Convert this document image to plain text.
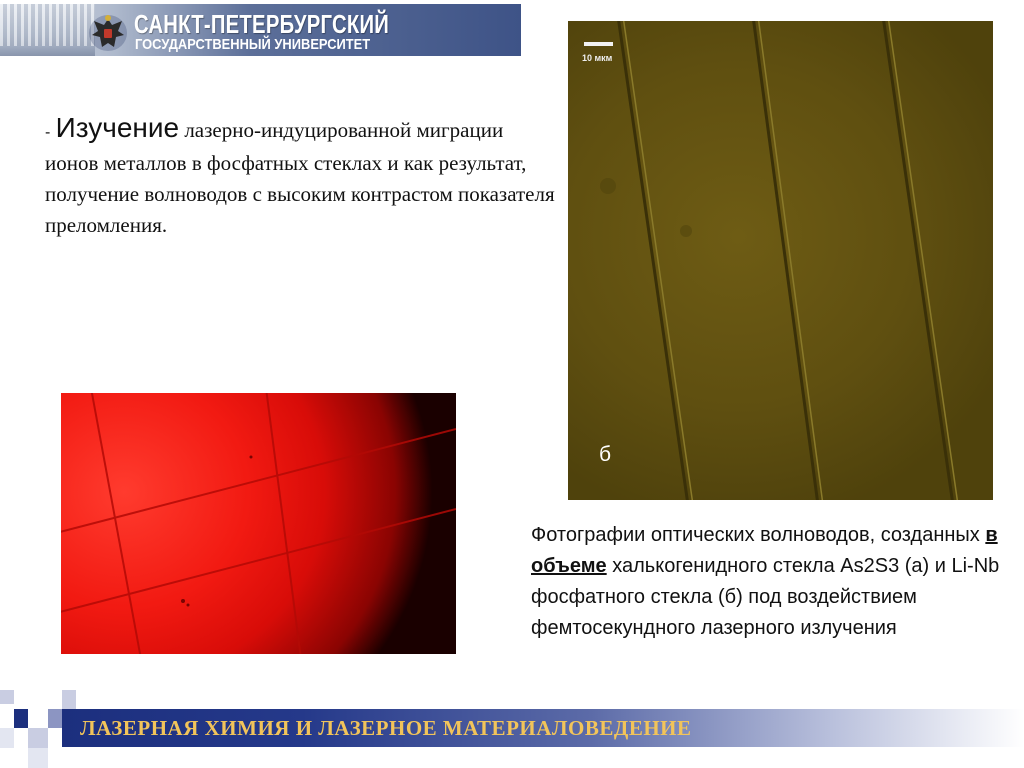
САНКТ-ПЕТЕРБУРГСКИЙ
ГОСУДАРСТВЕННЫЙ УНИВЕРСИТЕТ
- Изучение лазерно-индуцированной миграции ионов металлов в фосфатных стеклах и как результат, получение волноводов с высоким контрастом показателя преломления.
10 мкм
б
Фотографии оптических волноводов, созданных в объеме халькогенидного стекла As2S3 (а) и Li-Nb фосфатного стекла (б) под воздействием фемтосекундного лазерного излучения
ЛАЗЕРНАЯ ХИМИЯ И ЛАЗЕРНОЕ МАТЕРИАЛОВЕДЕНИЕ
